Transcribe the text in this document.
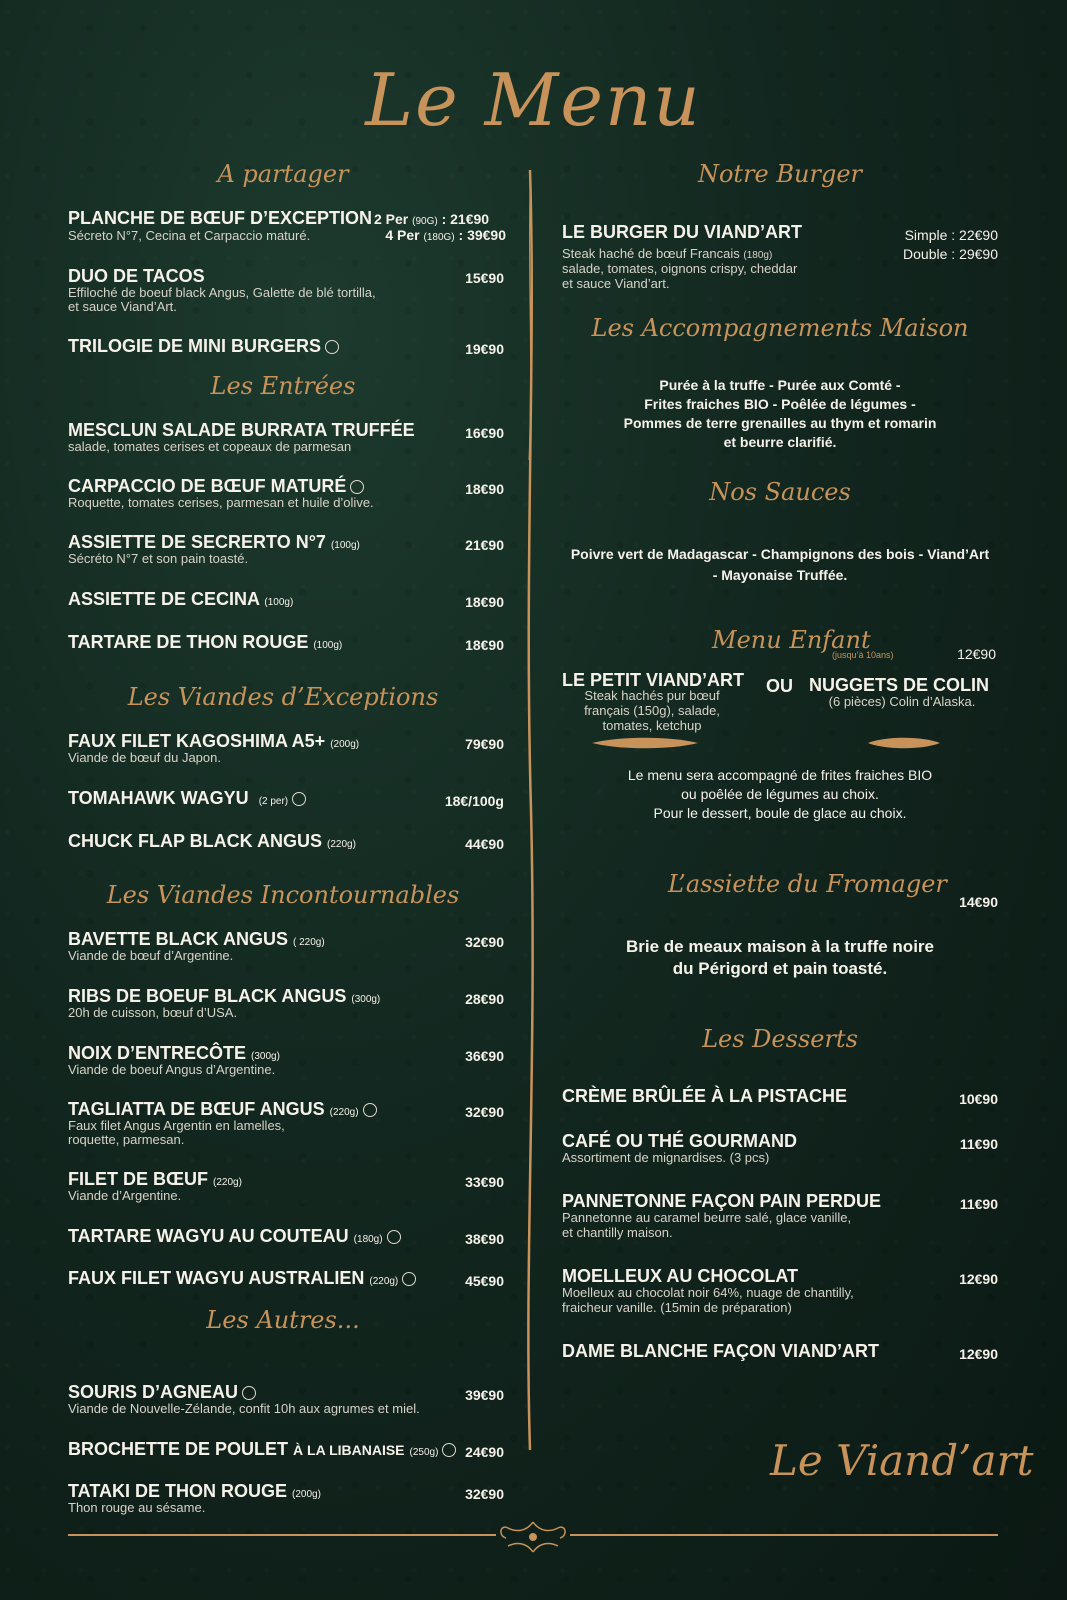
Le Menu
A partager
PLANCHE DE BŒUF D’EXCEPTION 2 Per (90G) : 21€90
Sécreto N°7, Cecina et Carpaccio maturé.	4 Per (180G) : 39€90
DUO DE TACOS	15€90
Effiloché de boeuf black Angus, Galette de blé tortilla,
et sauce Viand’Art.
TRILOGIE DE MINI BURGERS	19€90
Les Entrées
MESCLUN SALADE BURRATA TRUFFÉE	16€90
salade, tomates cerises et copeaux de parmesan
CARPACCIO DE BŒUF MATURÉ	18€90
Roquette, tomates cerises, parmesan et huile d’olive.
ASSIETTE DE SECRERTO N°7 (100g)	21€90
Sécréto N°7 et son pain toasté.
ASSIETTE DE CECINA (100g)	18€90
TARTARE DE THON ROUGE (100g)	18€90
Les Viandes d’Exceptions
FAUX FILET KAGOSHIMA A5+ (200g)	79€90
Viande de bœuf du Japon.
TOMAHAWK WAGYU (2 per)	18€/100g
CHUCK FLAP BLACK ANGUS (220g)	44€90
Les Viandes Incontournables
BAVETTE BLACK ANGUS ( 220g)	32€90
Viande de bœuf d’Argentine.
RIBS DE BOEUF BLACK ANGUS (300g)	28€90
20h de cuisson, bœuf d’USA.
NOIX D’ENTRECÔTE (300g)	36€90
Viande de boeuf Angus d’Argentine.
TAGLIATTA DE BŒUF ANGUS (220g)	32€90
Faux filet Angus Argentin en lamelles,
roquette, parmesan.
FILET DE BŒUF (220g)	33€90
Viande d’Argentine.
TARTARE WAGYU AU COUTEAU (180g)	38€90
FAUX FILET WAGYU AUSTRALIEN (220g)	45€90
Les Autres...
SOURIS D’AGNEAU	39€90
Viande de Nouvelle-Zélande, confit 10h aux agrumes et miel.
BROCHETTE DE POULET À LA LIBANAISE (250g)	24€90
TATAKI DE THON ROUGE (200g)	32€90
Thon rouge au sésame.
Notre Burger
LE BURGER DU VIAND’ART	Simple : 22€90
Double : 29€90
Steak haché de bœuf Francais (180g)
salade, tomates, oignons crispy, cheddar
et sauce Viand’art.
Les Accompagnements Maison
Purée à la truffe - Purée aux Comté -
Frites fraiches BIO - Poêlée de légumes -
Pommes de terre grenailles au thym et romarin
et beurre clarifié.
Nos Sauces
Poivre vert de Madagascar - Champignons des bois - Viand’Art
- Mayonaise Truffée.
Menu Enfant
(jusqu’à 10ans)	12€90
LE PETIT VIAND’ART
Steak hachés pur bœuf
français (150g), salade,
tomates, ketchup
OU NUGGETS DE COLIN
(6 pièces) Colin d’Alaska.
Le menu sera accompagné de frites fraiches BIO
ou poêlée de légumes au choix.
Pour le dessert, boule de glace au choix.
L’assiette du Fromager
14€90
Brie de meaux maison à la truffe noire
du Périgord et pain toasté.
Les Desserts
CRÈME BRÛLÉE À LA PISTACHE	10€90
CAFÉ OU THÉ GOURMAND	11€90
Assortiment de mignardises. (3 pcs)
PANNETONNE FAÇON PAIN PERDUE	11€90
Pannetonne au caramel beurre salé, glace vanille,
et chantilly maison.
MOELLEUX AU CHOCOLAT	12€90
Moelleux au chocolat noir 64%, nuage de chantilly,
fraicheur vanille. (15min de préparation)
DAME BLANCHE FAÇON VIAND’ART	12€90
Le Viand’art
